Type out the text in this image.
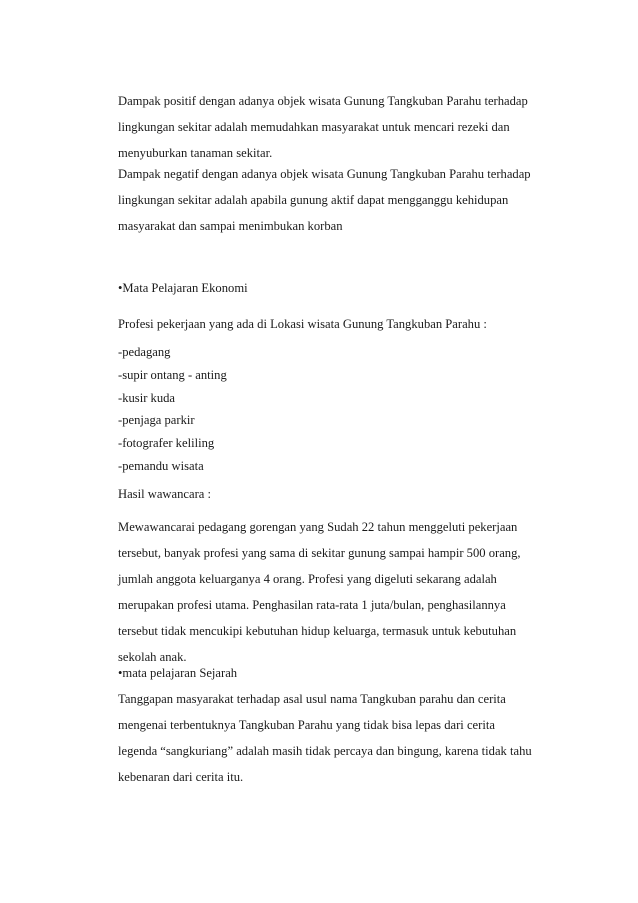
Dampak positif dengan adanya objek wisata Gunung Tangkuban Parahu terhadap
lingkungan sekitar adalah memudahkan masyarakat untuk mencari rezeki dan
menyuburkan tanaman sekitar.
Dampak negatif dengan adanya objek wisata Gunung Tangkuban Parahu terhadap
lingkungan sekitar adalah apabila gunung aktif dapat mengganggu kehidupan
masyarakat dan sampai menimbukan korban
•Mata Pelajaran Ekonomi
Profesi pekerjaan yang ada di Lokasi wisata Gunung Tangkuban Parahu :
-pedagang
-supir ontang - anting
-kusir kuda
-penjaga parkir
-fotografer keliling
-pemandu wisata
Hasil wawancara :
Mewawancarai pedagang gorengan yang Sudah 22 tahun menggeluti pekerjaan
tersebut, banyak profesi yang sama di sekitar gunung sampai hampir 500 orang,
jumlah anggota keluarganya 4 orang. Profesi yang digeluti sekarang adalah
merupakan profesi utama. Penghasilan rata-rata 1 juta/bulan, penghasilannya
tersebut tidak mencukipi kebutuhan hidup keluarga, termasuk untuk kebutuhan
sekolah anak.
•mata pelajaran Sejarah
Tanggapan masyarakat terhadap asal usul nama Tangkuban parahu dan cerita
mengenai terbentuknya Tangkuban Parahu yang tidak bisa lepas dari cerita
legenda “sangkuriang” adalah masih tidak percaya dan bingung, karena tidak tahu
kebenaran dari cerita itu.
